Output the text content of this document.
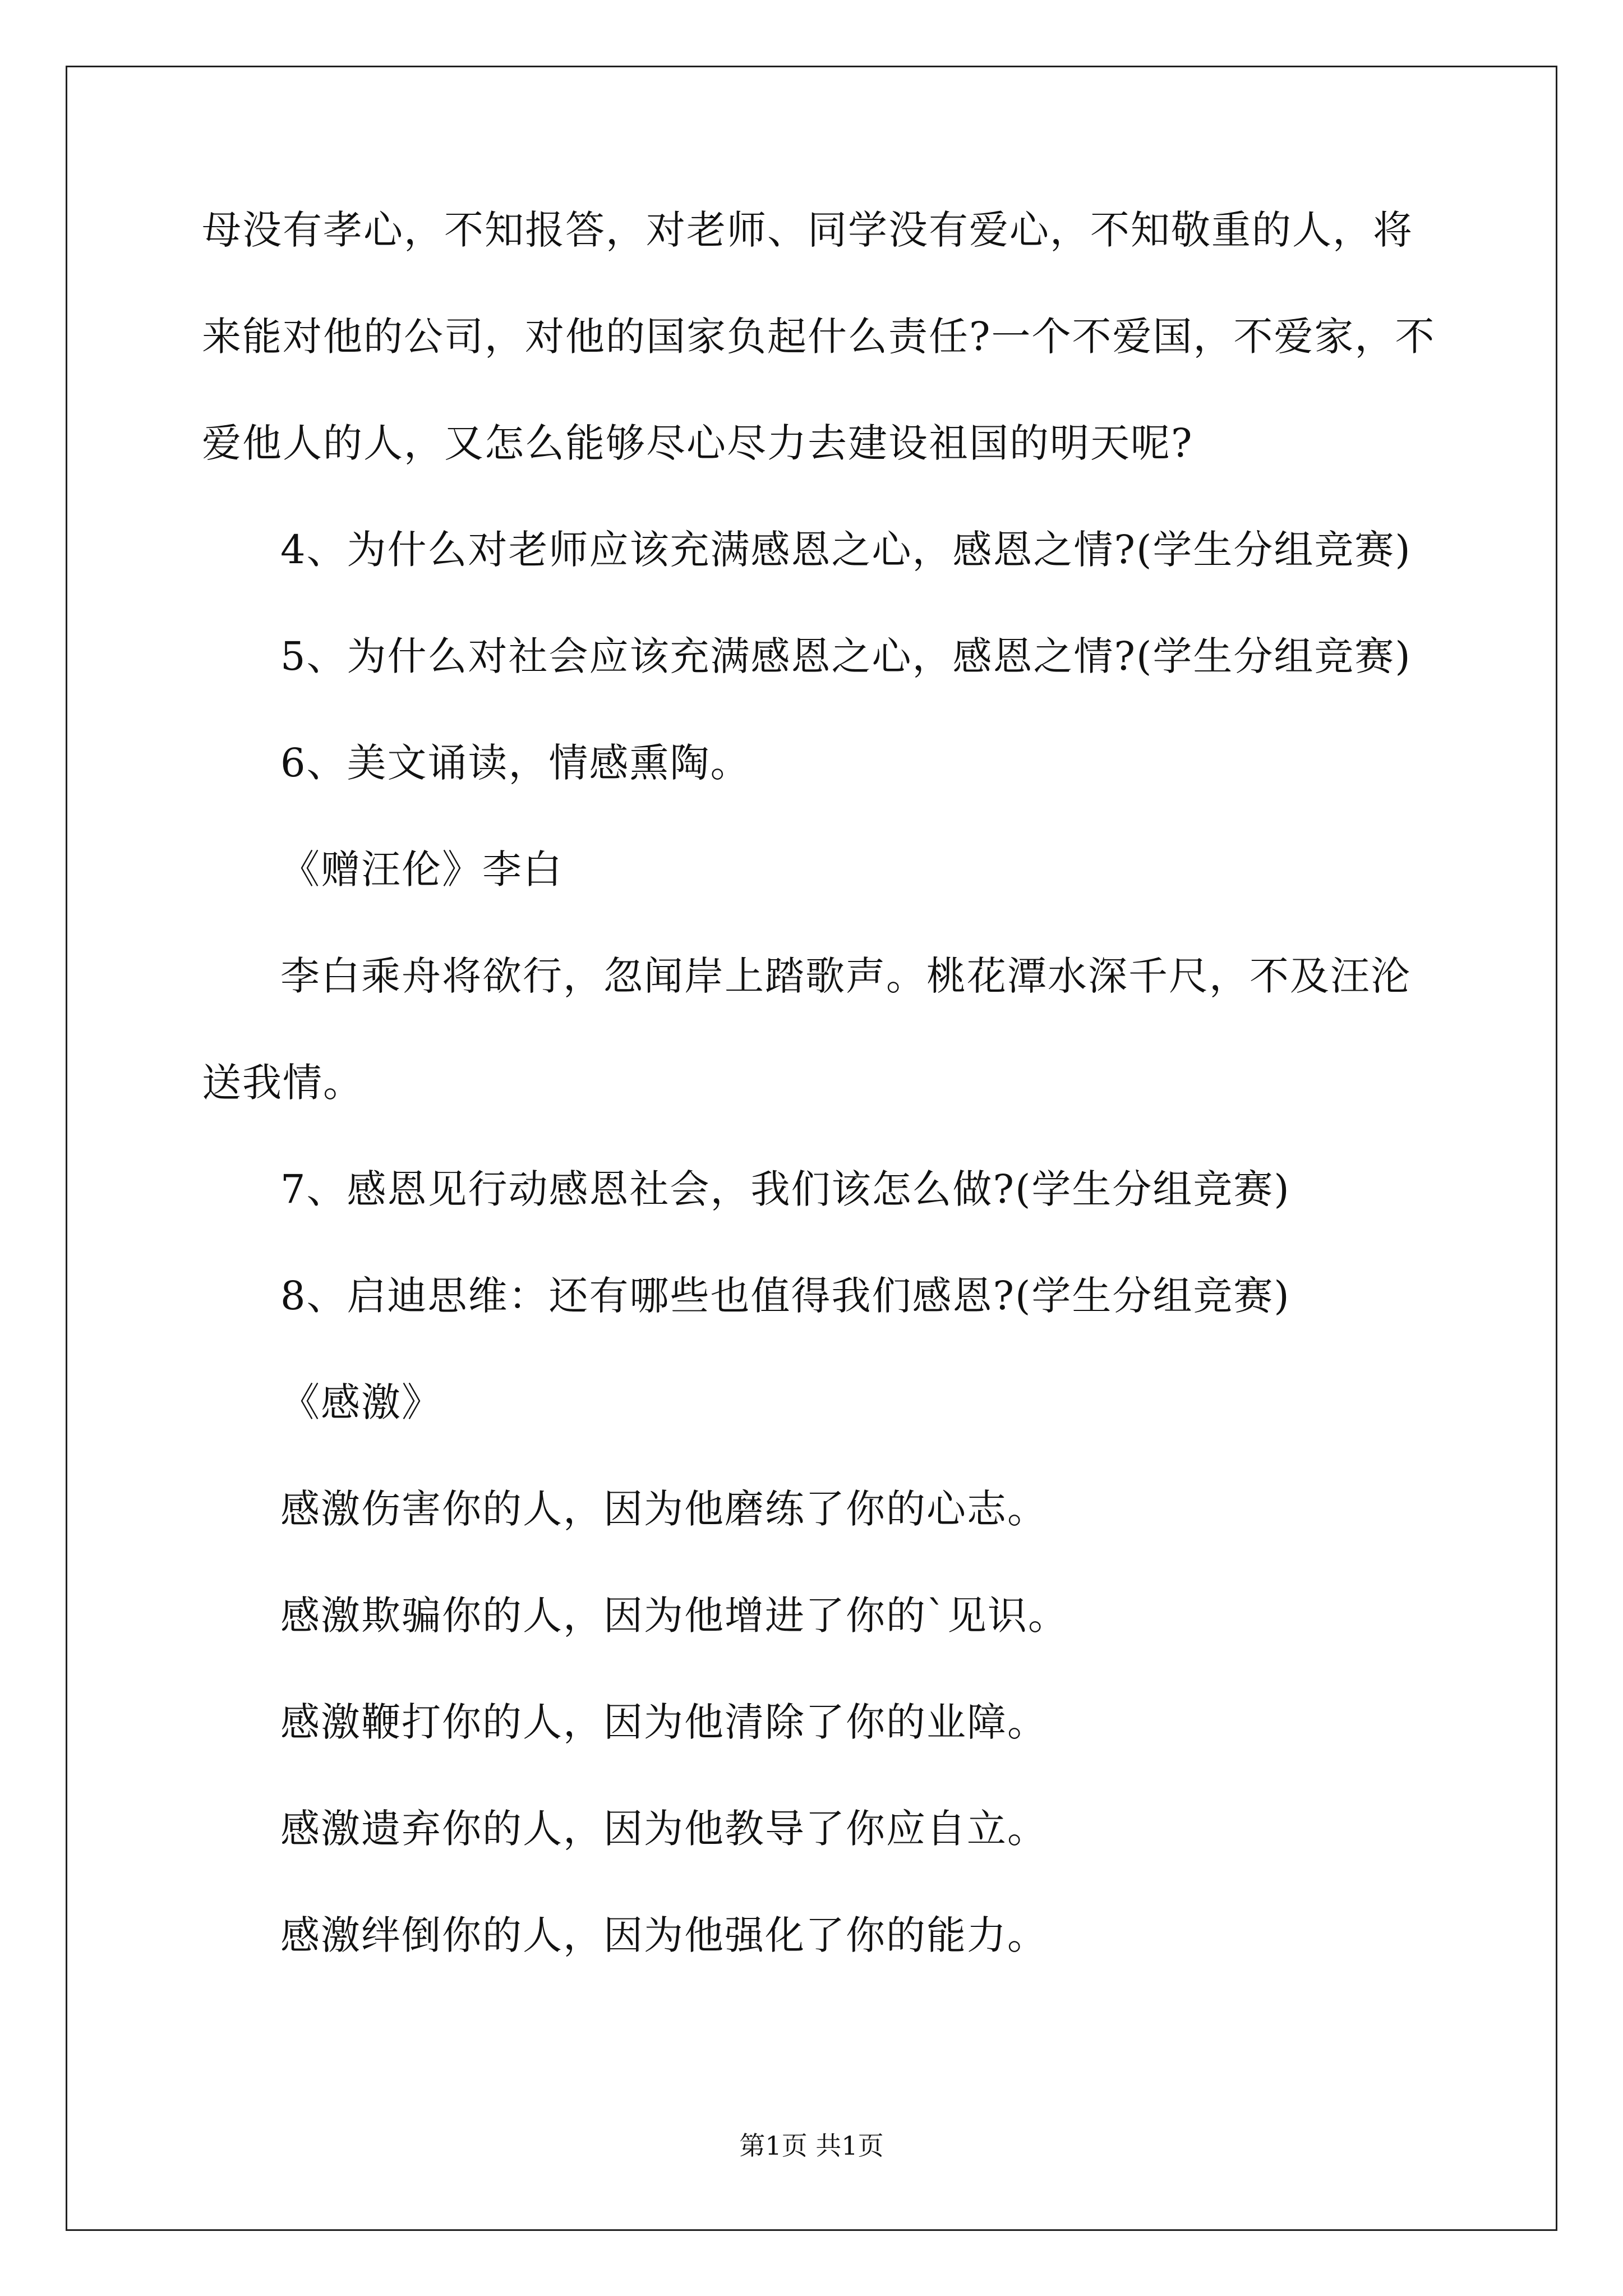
母没有孝心，不知报答，对老师、同学没有爱心，不知敬重的人，将
来能对他的公司，对他的国家负起什么责任?一个不爱国，不爱家，不
爱他人的人，又怎么能够尽心尽力去建设祖国的明天呢?
4、为什么对老师应该充满感恩之心，感恩之情?(学生分组竞赛)
5、为什么对社会应该充满感恩之心，感恩之情?(学生分组竞赛)
6、美文诵读，情感熏陶。
《赠汪伦》李白
李白乘舟将欲行，忽闻岸上踏歌声。桃花潭水深千尺，不及汪沦
送我情。
7、感恩见行动感恩社会，我们该怎么做?(学生分组竞赛)
8、启迪思维：还有哪些也值得我们感恩?(学生分组竞赛)
《感激》
感激伤害你的人，因为他磨练了你的心志。
感激欺骗你的人，因为他增进了你的`见识。
感激鞭打你的人，因为他清除了你的业障。
感激遗弃你的人，因为他教导了你应自立。
感激绊倒你的人，因为他强化了你的能力。
第1页 共1页
